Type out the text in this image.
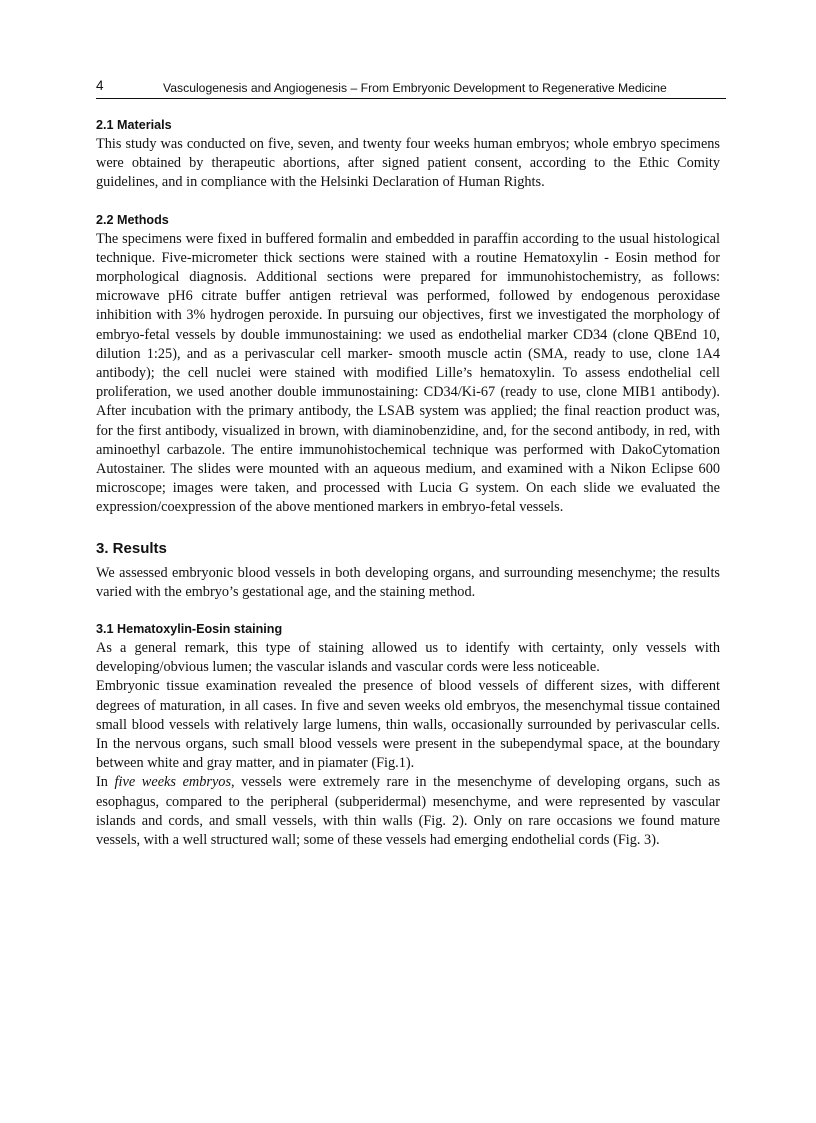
4	Vasculogenesis and Angiogenesis – From Embryonic Development to Regenerative Medicine
2.1 Materials

This study was conducted on five, seven, and twenty four weeks human embryos; whole embryo specimens were obtained by therapeutic abortions, after signed patient consent, according to the Ethic Comity guidelines, and in compliance with the Helsinki Declaration of Human Rights.

2.2 Methods

The specimens were fixed in buffered formalin and embedded in paraffin according to the usual histological technique. Five-micrometer thick sections were stained with a routine Hematoxylin - Eosin method for morphological diagnosis. Additional sections were prepared for immunohistochemistry, as follows: microwave pH6 citrate buffer antigen retrieval was performed, followed by endogenous peroxidase inhibition with 3% hydrogen peroxide. In pursuing our objectives, first we investigated the morphology of embryo-fetal vessels by double immunostaining: we used as endothelial marker CD34 (clone QBEnd 10, dilution 1:25), and as a perivascular cell marker- smooth muscle actin (SMA, ready to use, clone 1A4 antibody); the cell nuclei were stained with modified Lille’s hematoxylin. To assess endothelial cell proliferation, we used another double immunostaining: CD34/Ki-67 (ready to use, clone MIB1 antibody). After incubation with the primary antibody, the LSAB system was applied; the final reaction product was, for the first antibody, visualized in brown, with diaminobenzidine, and, for the second antibody, in red, with aminoethyl carbazole. The entire immunohistochemical technique was performed with DakoCytomation Autostainer. The slides were mounted with an aqueous medium, and examined with a Nikon Eclipse 600 microscope; images were taken, and processed with Lucia G system. On each slide we evaluated the expression/coexpression of the above mentioned markers in embryo-fetal vessels.

3. Results

We assessed embryonic blood vessels in both developing organs, and surrounding mesenchyme; the results varied with the embryo’s gestational age, and the staining method.

3.1 Hematoxylin-Eosin staining

As a general remark, this type of staining allowed us to identify with certainty, only vessels with developing/obvious lumen; the vascular islands and vascular cords were less noticeable.

Embryonic tissue examination revealed the presence of blood vessels of different sizes, with different degrees of maturation, in all cases. In five and seven weeks old embryos, the mesenchymal tissue contained small blood vessels with relatively large lumens, thin walls, occasionally surrounded by perivascular cells. In the nervous organs, such small blood vessels were present in the subependymal space, at the boundary between white and gray matter, and in piamater (Fig.1).

In five weeks embryos, vessels were extremely rare in the mesenchyme of developing organs, such as esophagus, compared to the peripheral (subperidermal) mesenchyme, and were represented by vascular islands and cords, and small vessels, with thin walls (Fig. 2). Only on rare occasions we found mature vessels, with a well structured wall; some of these vessels had emerging endothelial cords (Fig. 3).
